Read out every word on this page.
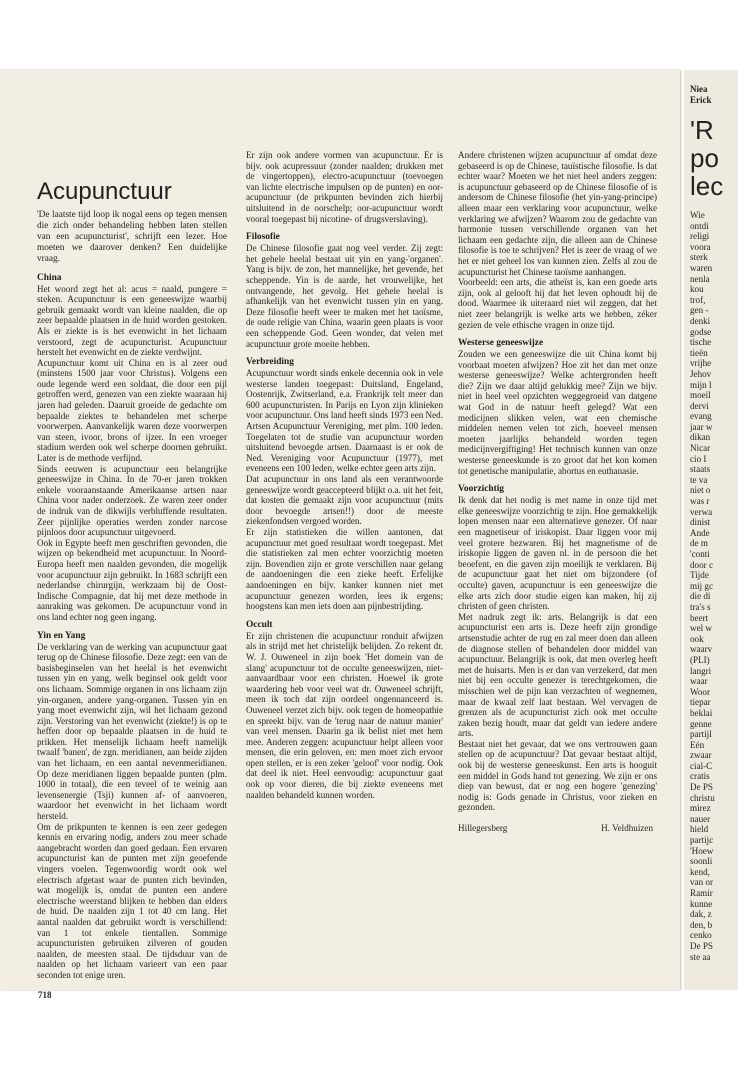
Acupunctuur

'De laatste tijd loop ik nogal eens op tegen mensen die zich onder behandeling hebben laten stellen van een acupuncturist', schrijft een lezer. Hoe moeten we daarover denken? Een duidelijke vraag.

China

Het woord zegt het al: acus = naald, pungere = steken. Acupunctuur is een geneeswijze waarbij gebruik gemaakt wordt van kleine naalden, die op zeer bepaalde plaatsen in de huid worden gestoken. Als er ziekte is is het evenwicht in het lichaam verstoord, zegt de acupuncturist. Acupunctuur herstelt het evenwicht en de ziekte verdwijnt.

Acupunctuur komt uit China en is al zeer oud (minstens 1500 jaar voor Christus). Volgens een oude legende werd een soldaat, die door een pijl getroffen werd, genezen van een ziekte waaraan hij jaren had geleden. Daaruit groeide de gedachte om bepaalde ziektes te behandelen met scherpe voorwerpen. Aanvankelijk waren deze voorwerpen van steen, ivoor, brons of ijzer. In een vroeger stadium werden ook wel scherpe doornen gebruikt. Later is de methode verfijnd.

Sinds eeuwen is acupunctuur een belangrijke geneeswijze in China. In de 70-er jaren trokken enkele vooraanstaande Amerikaanse artsen naar China voor nader onderzoek. Ze waren zeer onder de indruk van de dikwijls verbluffende resultaten. Zeer pijnlijke operaties werden zonder narcose pijnloos door acupunctuur uitgevoerd.

Ook in Egypte heeft men geschriften gevonden, die wijzen op bekendheid met acupunctuur. In Noord-Europa heeft men naalden gevonden, die mogelijk voor acupunctuur zijn gebruikt. In 1683 schrijft een nederlandse chirurgijn, werkzaam bij de Oost-Indische Compagnie, dat hij met deze methode in aanraking was gekomen. De acupunctuur vond in ons land echter nog geen ingang.

Yin en Yang

De verklaring van de werking van acupunctuur gaat terug op de Chinese filosofie. Deze zegt: een van de basisbeginselen van het heelal is het evenwicht tussen yin en yang, welk beginsel ook geldt voor ons lichaam. Sommige organen in ons lichaam zijn yin-organen, andere yang-organen. Tussen yin en yang moet evenwicht zijn, wil het lichaam gezond zijn. Verstoring van het evenwicht (ziekte!) is op te heffen door op bepaalde plaatsen in de huid te prikken. Het menselijk lichaam heeft namelijk twaalf 'banen', de zgn. meridianen, aan beide zijden van het lichaam, en een aantal nevenmeridianen. Op deze meridianen liggen bepaalde punten (plm. 1000 in totaal), die een teveel of te weinig aan levensenergie (Tsji) kunnen af- of aanvoeren, waardoor het evenwicht in het lichaam wordt hersteld.

Om de prikpunten te kennen is een zeer gedegen kennis en ervaring nodig, anders zou meer schade aangebracht worden dan goed gedaan. Een ervaren acupuncturist kan de punten met zijn geoefende vingers voelen. Tegenwoordig wordt ook wel electrisch afgetast waar de punten zich bevinden, wat mogelijk is, omdat de punten een andere electrische weerstand blijken te hebben dan elders de huid. De naalden zijn 1 tot 40 cm lang. Het aantal naalden dat gebruikt wordt is verschillend: van 1 tot enkele tientallen. Sommige acupuncturisten gebruiken zilveren of gouden naalden, de meesten staal. De tijdsduur van de naalden op het lichaam varieert van een paar seconden tot enige uren.

Er zijn ook andere vormen van acupunctuur. Er is bijv. ook acupressuur (zonder naalden; drukken met de vingertoppen), electro-acupunctuur (toevoegen van lichte electrische impulsen op de punten) en oor-acupunctuur (de prikpunten bevinden zich hierbij uitsluitend in de oorschelp; oor-acupunctuur wordt vooral toegepast bij nicotine- of drugsverslaving).

Filosofie

De Chinese filosofie gaat nog veel verder. Zij zegt: het gehele heelal bestaat uit yin en yang-'organen'. Yang is bijv. de zon, het mannelijke, het gevende, het scheppende. Yin is de aarde, het vrouwelijke, het ontvangende, het gevolg. Het gehele heelal is afhankelijk van het evenwicht tussen yin en yang. Deze filosofie heeft weer te maken met het taoïsme, de oude religie van China, waarin geen plaats is voor een scheppende God. Geen wonder, dat velen met acupunctuur grote moeite hebben.

Verbreiding

Acupunctuur wordt sinds enkele decennia ook in vele westerse landen toegepast: Duitsland, Engeland, Oostenrijk, Zwitserland, e.a. Frankrijk telt meer dan 600 acupuncturisten. In Parijs en Lyon zijn klinieken voor acupunctuur. Ons land heeft sinds 1973 een Ned. Artsen Acupunctuur Vereniging, met plm. 100 leden. Toegelaten tot de studie van acupunctuur worden uitsluitend bevoegde artsen. Daarnaast is er ook de Ned. Vereniging voor Acupunctuur (1977), met eveneens een 100 leden, welke echter geen arts zijn.

Dat acupunctuur in ons land als een verantwoorde geneeswijze wordt geaccepteerd blijkt o.a. uit het feit, dat kosten die gemaakt zijn voor acupunctuur (mits door bevoegde artsen!!) door de meeste ziekenfondsen vergoed worden.

Er zijn statistieken die willen aantonen, dat acupunctuur met goed resultaat wordt toegepast. Met die statistieken zal men echter voorzichtig moeten zijn. Bovendien zijn er grote verschillen naar gelang de aandoeningen die een zieke heeft. Erfelijke aandoeningen en bijv. kanker kunnen niet met acupunctuur genezen worden, lees ik ergens; hoogstens kan men iets doen aan pijnbestrijding.

Occult

Er zijn christenen die acupunctuur ronduit afwijzen als in strijd met het christelijk belijden. Zo rekent dr. W. J. Ouweneel in zijn boek 'Het domein van de slang' acupunctuur tot de occulte geneeswijzen, niet-aanvaardbaar voor een christen. Hoewel ik grote waardering heb voor veel wat dr. Ouweneel schrijft, meen ik toch dat zijn oordeel ongenuanceerd is. Ouweneel verzet zich bijv. ook tegen de homeopathie en spreekt bijv. van de 'terug naar de natuur manier' van veel mensen. Daarin ga ik belist niet met hem mee. Anderen zeggen: acupunctuur helpt alleen voor mensen, die erin geloven, en: men moet zich ervoor open stellen, er is een zeker 'geloof' voor nodig. Ook dat deel ik niet. Heel eenvoudig: acupunctuur gaat ook op voor dieren, die bij ziekte eveneens met naalden behandeld kunnen worden.

Andere christenen wijzen acupunctuur af omdat deze gebaseerd is op de Chinese, tauïstische filosofie. Is dat echter waar? Moeten we het niet heel anders zeggen: is acupunctuur gebaseerd op de Chinese filosofie of is andersom de Chinese filosofie (het yin-yang-principe) alleen maar een verklaring voor acupunctuur, welke verklaring we afwijzen? Waarom zou de gedachte van harmonie tussen verschillende organen van het lichaam een gedachte zijn, die alleen aan de Chinese filosofie is toe te schrijven? Het is zeer de vraag of we het er niet geheel los van kunnen zien. Zelfs al zou de acupuncturist het Chinese taoïsme aanhangen.

Voorbeeld: een arts, die atheïst is, kan een goede arts zijn, ook al gelooft hij dat het leven ophoudt bij de dood. Waarmee ik uiteraard niet wil zeggen, dat het niet zeer belangrijk is welke arts we hebben, zéker gezien de vele ethische vragen in onze tijd.

Westerse geneeswijze

Zouden we een geneeswijze die uit China komt bij voorbaat moeten afwijzen? Hoe zit het dan met onze westerse geneeswijze? Welke achtergronden heeft die? Zijn we daar altijd gelukkig mee? Zijn we bijv. niet in heel veel opzichten weggegroeid van datgene wat God in de natuur heeft gelegd? Wat een medicijnen slikken velen, wat een chemische middelen nemen velen tot zich, hoeveel mensen moeten jaarlijks behandeld worden tegen medicijnvergiftiging! Het technisch kunnen van onze westerse geneeskunde is zo groot dat het kon komen tot genetische manipulatie, abortus en euthanasie.

Voorzichtig

Ik denk dat het nodig is met name in onze tijd met elke geneeswijze voorzichtig te zijn. Hoe gemakkelijk lopen mensen naar een alternatieve genezer. Of naar een magnetiseur of iriskopist. Daar liggen voor mij veel grotere bezwaren. Bij het magnetisme of de iriskopie liggen de gaven nl. in de persoon die het beoefent, en die gaven zijn moeilijk te verklaren. Bij de acupunctuur gaat het niet om bijzondere (of occulte) gaven, acupunctuur is een geneeswijze die elke arts zich door studie eigen kan maken, hij zij christen of geen christen.

Met nadruk zegt ik: arts. Belangrijk is dat een acupuncturist een arts is. Deze heeft zijn grondige artsenstudie achter de rug en zal meer doen dan alleen de diagnose stellen of behandelen door middel van acupunctuur. Belangrijk is ook, dat men overleg heeft met de huisarts. Men is er dan van verzekerd, dat men niet bij een occulte genezer is terechtgekomen, die misschien wel de pijn kan verzachten of wegnemen, maar de kwaal zelf laat bestaan. Wel vervagen de grenzen als de acupuncturist zich ook met occulte zaken bezig houdt, maar dat geldt van iedere andere arts.

Bestaat niet het gevaar, dat we ons vertrouwen gaan stellen op de acupunctuur? Dat gevaar bestaat altijd, ook bij de westerse geneeskunst. Een arts is hooguit een middel in Gods hand tot genezing. We zijn er ons diep van bewust, dat er nog een hogere 'genezing' nodig is: Gods genade in Christus, voor zieken en gezonden.

Hillegersberg	H. Veldhuizen
718
Niea
Erick
'R
po
lec
Wie
ontdi
religi
voora
sterk
waren
nenla
kou
trof,
gen -
denki
godse
tische
tieën
vrijhe
Jehov
mijn l
moeil
dervi
evang
jaar w
dikan
Nicar
cio I
staats
te va
niet o
was r
verwa
dinist
Ande
de m
'conti
door c
Tijde
mij gc
die di
tra's s
beert
wel w
ook
waarv
(PLI)
langri
waar
Woor
tiepar
beklai
genne
partijl
Eén
zwaar
cial-C
cratis
De PS
christu
mirez
nauer
hield
partijc
'Hoew
soonli
kend,
van or
Ramir
kunne
dak, z
den, b
cenko
De PS
ste aa
